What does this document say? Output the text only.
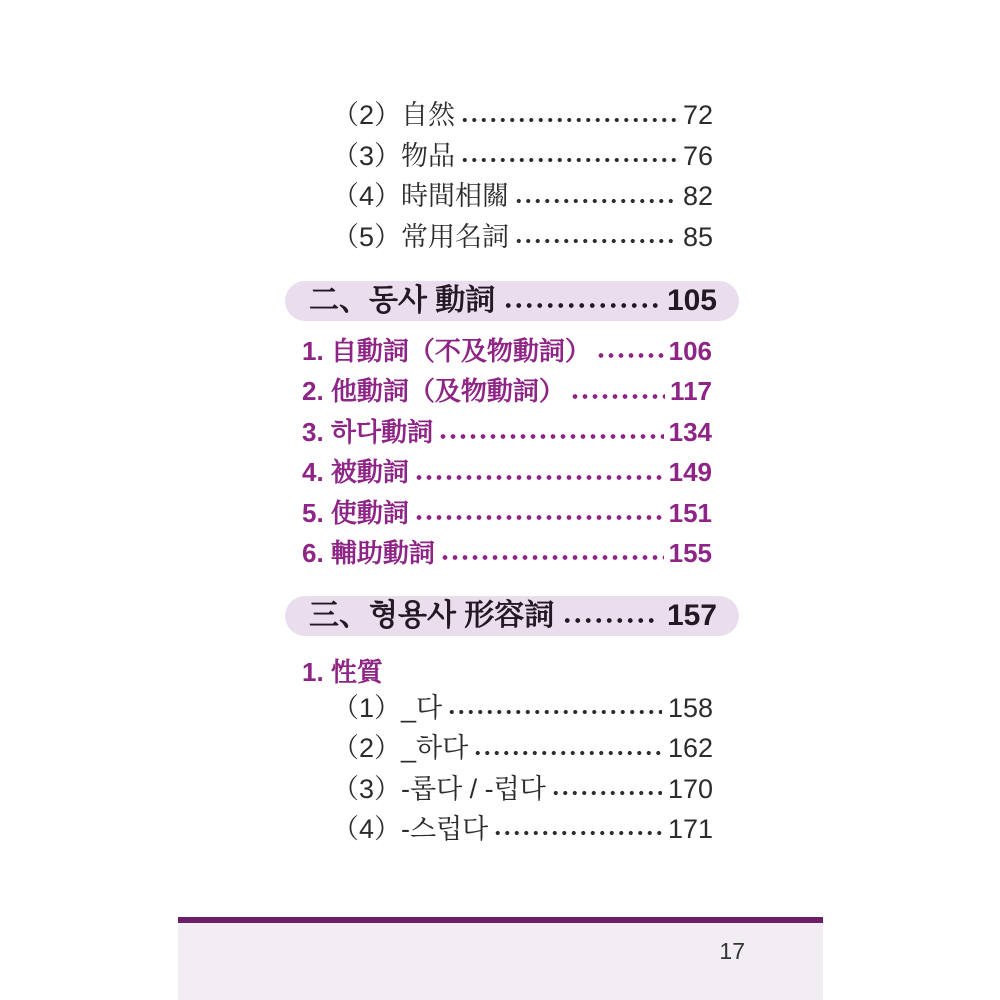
（2）自然	72
（3）物品	76
（4）時間相關	82
（5）常用名詞	85
二、동사 動詞	105
1. 自動詞（不及物動詞）	106
2. 他動詞（及物動詞）	117
3. 하다動詞	134
4. 被動詞	149
5. 使動詞	151
6. 輔助動詞	155
三、형용사 形容詞	157
1. 性質
（1）_다	158
（2）_하다	162
（3）-롭다 / -럽다	170
（4）-스럽다	171
17
